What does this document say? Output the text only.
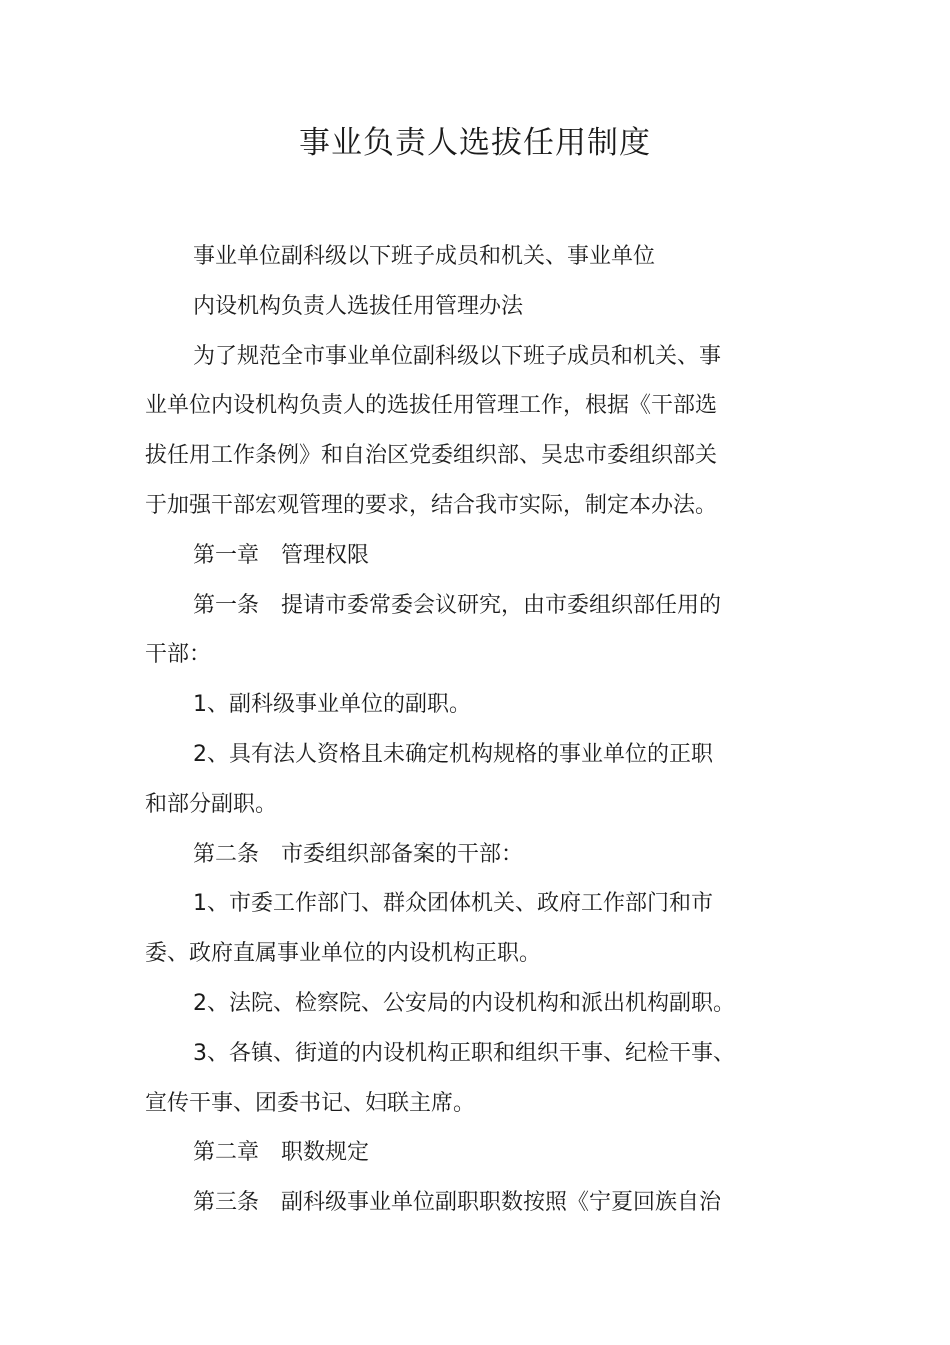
事业负责人选拔任用制度
事业单位副科级以下班子成员和机关、事业单位
内设机构负责人选拔任用管理办法
为了规范全市事业单位副科级以下班子成员和机关、事
业单位内设机构负责人的选拔任用管理工作，根据《干部选
拔任用工作条例》和自治区党委组织部、吴忠市委组织部关
于加强干部宏观管理的要求，结合我市实际，制定本办法。
第一章　管理权限
第一条　提请市委常委会议研究，由市委组织部任用的
干部：
1、副科级事业单位的副职。
2、具有法人资格且未确定机构规格的事业单位的正职
和部分副职。
第二条　市委组织部备案的干部：
1、市委工作部门、群众团体机关、政府工作部门和市
委、政府直属事业单位的内设机构正职。
2、法院、检察院、公安局的内设机构和派出机构副职。
3、各镇、街道的内设机构正职和组织干事、纪检干事、
宣传干事、团委书记、妇联主席。
第二章　职数规定
第三条　副科级事业单位副职职数按照《宁夏回族自治
